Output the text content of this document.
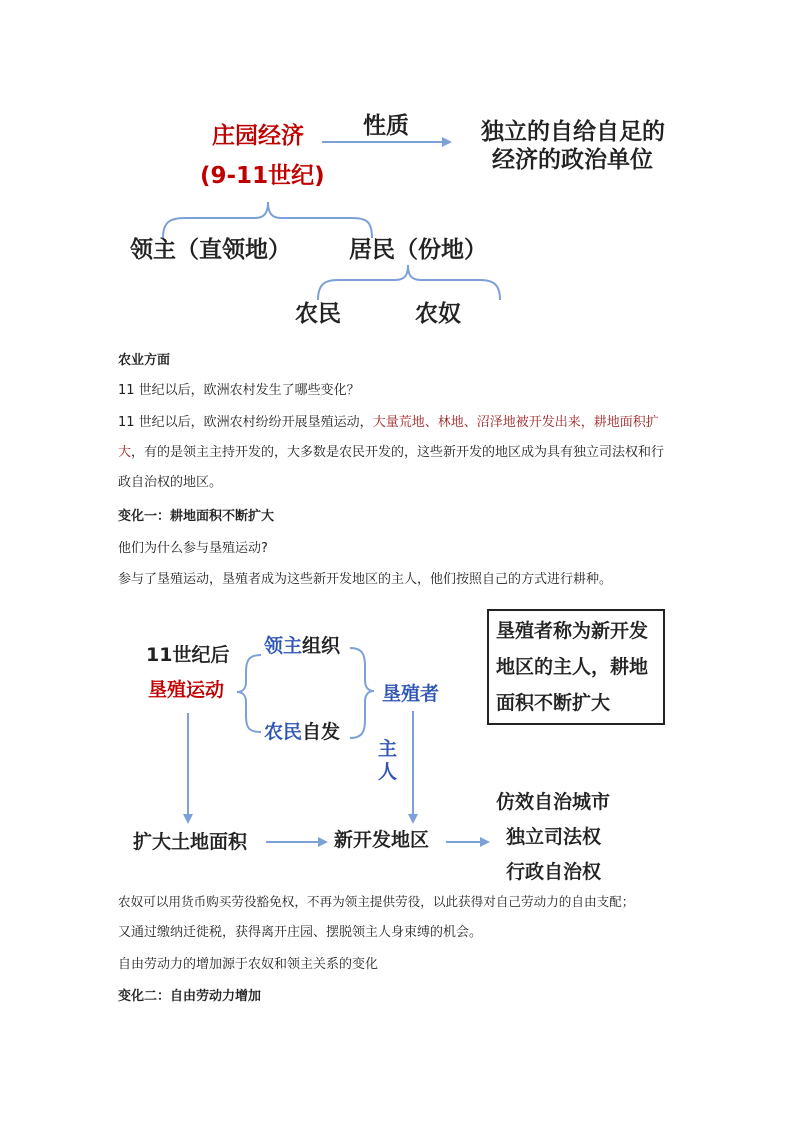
庄园经济
(9-11世纪)
性质	独立的自给自足的
经济的政治单位
领主（直领地）	居民（份地）
农民	农奴
农业方面
11 世纪以后，欧洲农村发生了哪些变化？
11 世纪以后，欧洲农村纷纷开展垦殖运动，大量荒地、林地、沼泽地被开发出来，耕地面积扩大，有的是领主主持开发的，大多数是农民开发的，这些新开发的地区成为具有独立司法权和行政自治权的地区。
变化一：耕地面积不断扩大
他们为什么参与垦殖运动?
参与了垦殖运动，垦殖者成为这些新开发地区的主人，他们按照自己的方式进行耕种。
11世纪后
垦殖运动
领主组织
农民自发
垦殖者
主
人
扩大土地面积	新开发地区
仿效自治城市
独立司法权
行政自治权
垦殖者称为新开发
地区的主人，耕地
面积不断扩大
农奴可以用货币购买劳役豁免权，不再为领主提供劳役，以此获得对自己劳动力的自由支配；
又通过缴纳迁徙税，获得离开庄园、摆脱领主人身束缚的机会。
自由劳动力的增加源于农奴和领主关系的变化
变化二：自由劳动力增加
